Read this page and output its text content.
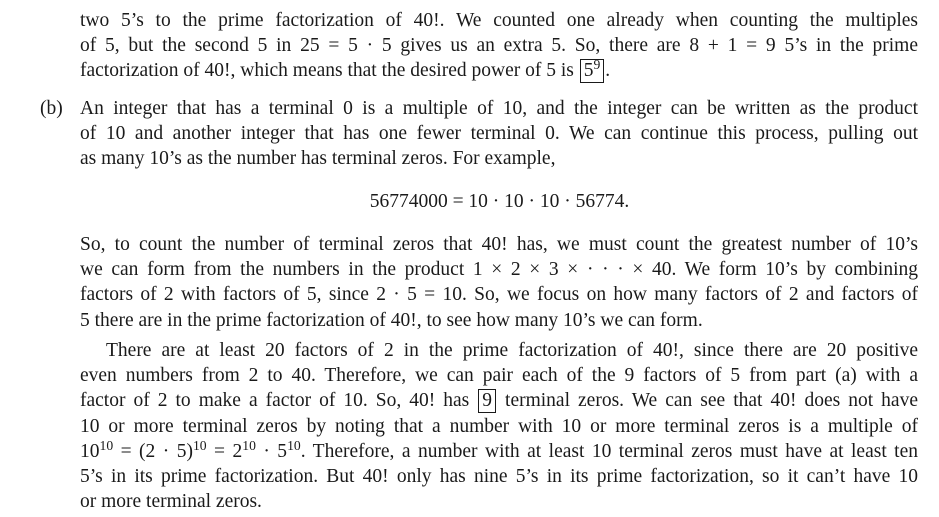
two 5’s to the prime factorization of 40!. We counted one already when counting the multiples
of 5, but the second 5 in 25 = 5 · 5 gives us an extra 5. So, there are 8 + 1 = 9 5’s in the prime
factorization of 40!, which means that the desired power of 5 is $5^9$ .
(b) An integer that has a terminal 0 is a multiple of 10, and the integer can be written as the product
of 10 and another integer that has one fewer terminal 0. We can continue this process, pulling out
as many 10’s as the number has terminal zeros. For example,
56774000 = 10 · 10 · 10 · 56774.
So, to count the number of terminal zeros that 40! has, we must count the greatest number of 10’s
we can form from the numbers in the product 1 × 2 × 3 × · · · × 40. We form 10’s by combining
factors of 2 with factors of 5, since 2 · 5 = 10. So, we focus on how many factors of 2 and factors of
5 there are in the prime factorization of 40!, to see how many 10’s we can form.
There are at least 20 factors of 2 in the prime factorization of 40!, since there are 20 positive
even numbers from 2 to 40. Therefore, we can pair each of the 9 factors of 5 from part (a) with a
factor of 2 to make a factor of 10. So, 40! has 9 terminal zeros. We can see that 40! does not have
10 or more terminal zeros by noting that a number with 10 or more terminal zeros is a multiple of
$10^{10} = (2 \cdot 5)^{10} = 2^{10} \cdot 5^{10}$. Therefore, a number with at least 10 terminal zeros must have at least ten
5’s in its prime factorization. But 40! only has nine 5’s in its prime factorization, so it can’t have 10
or more terminal zeros.
